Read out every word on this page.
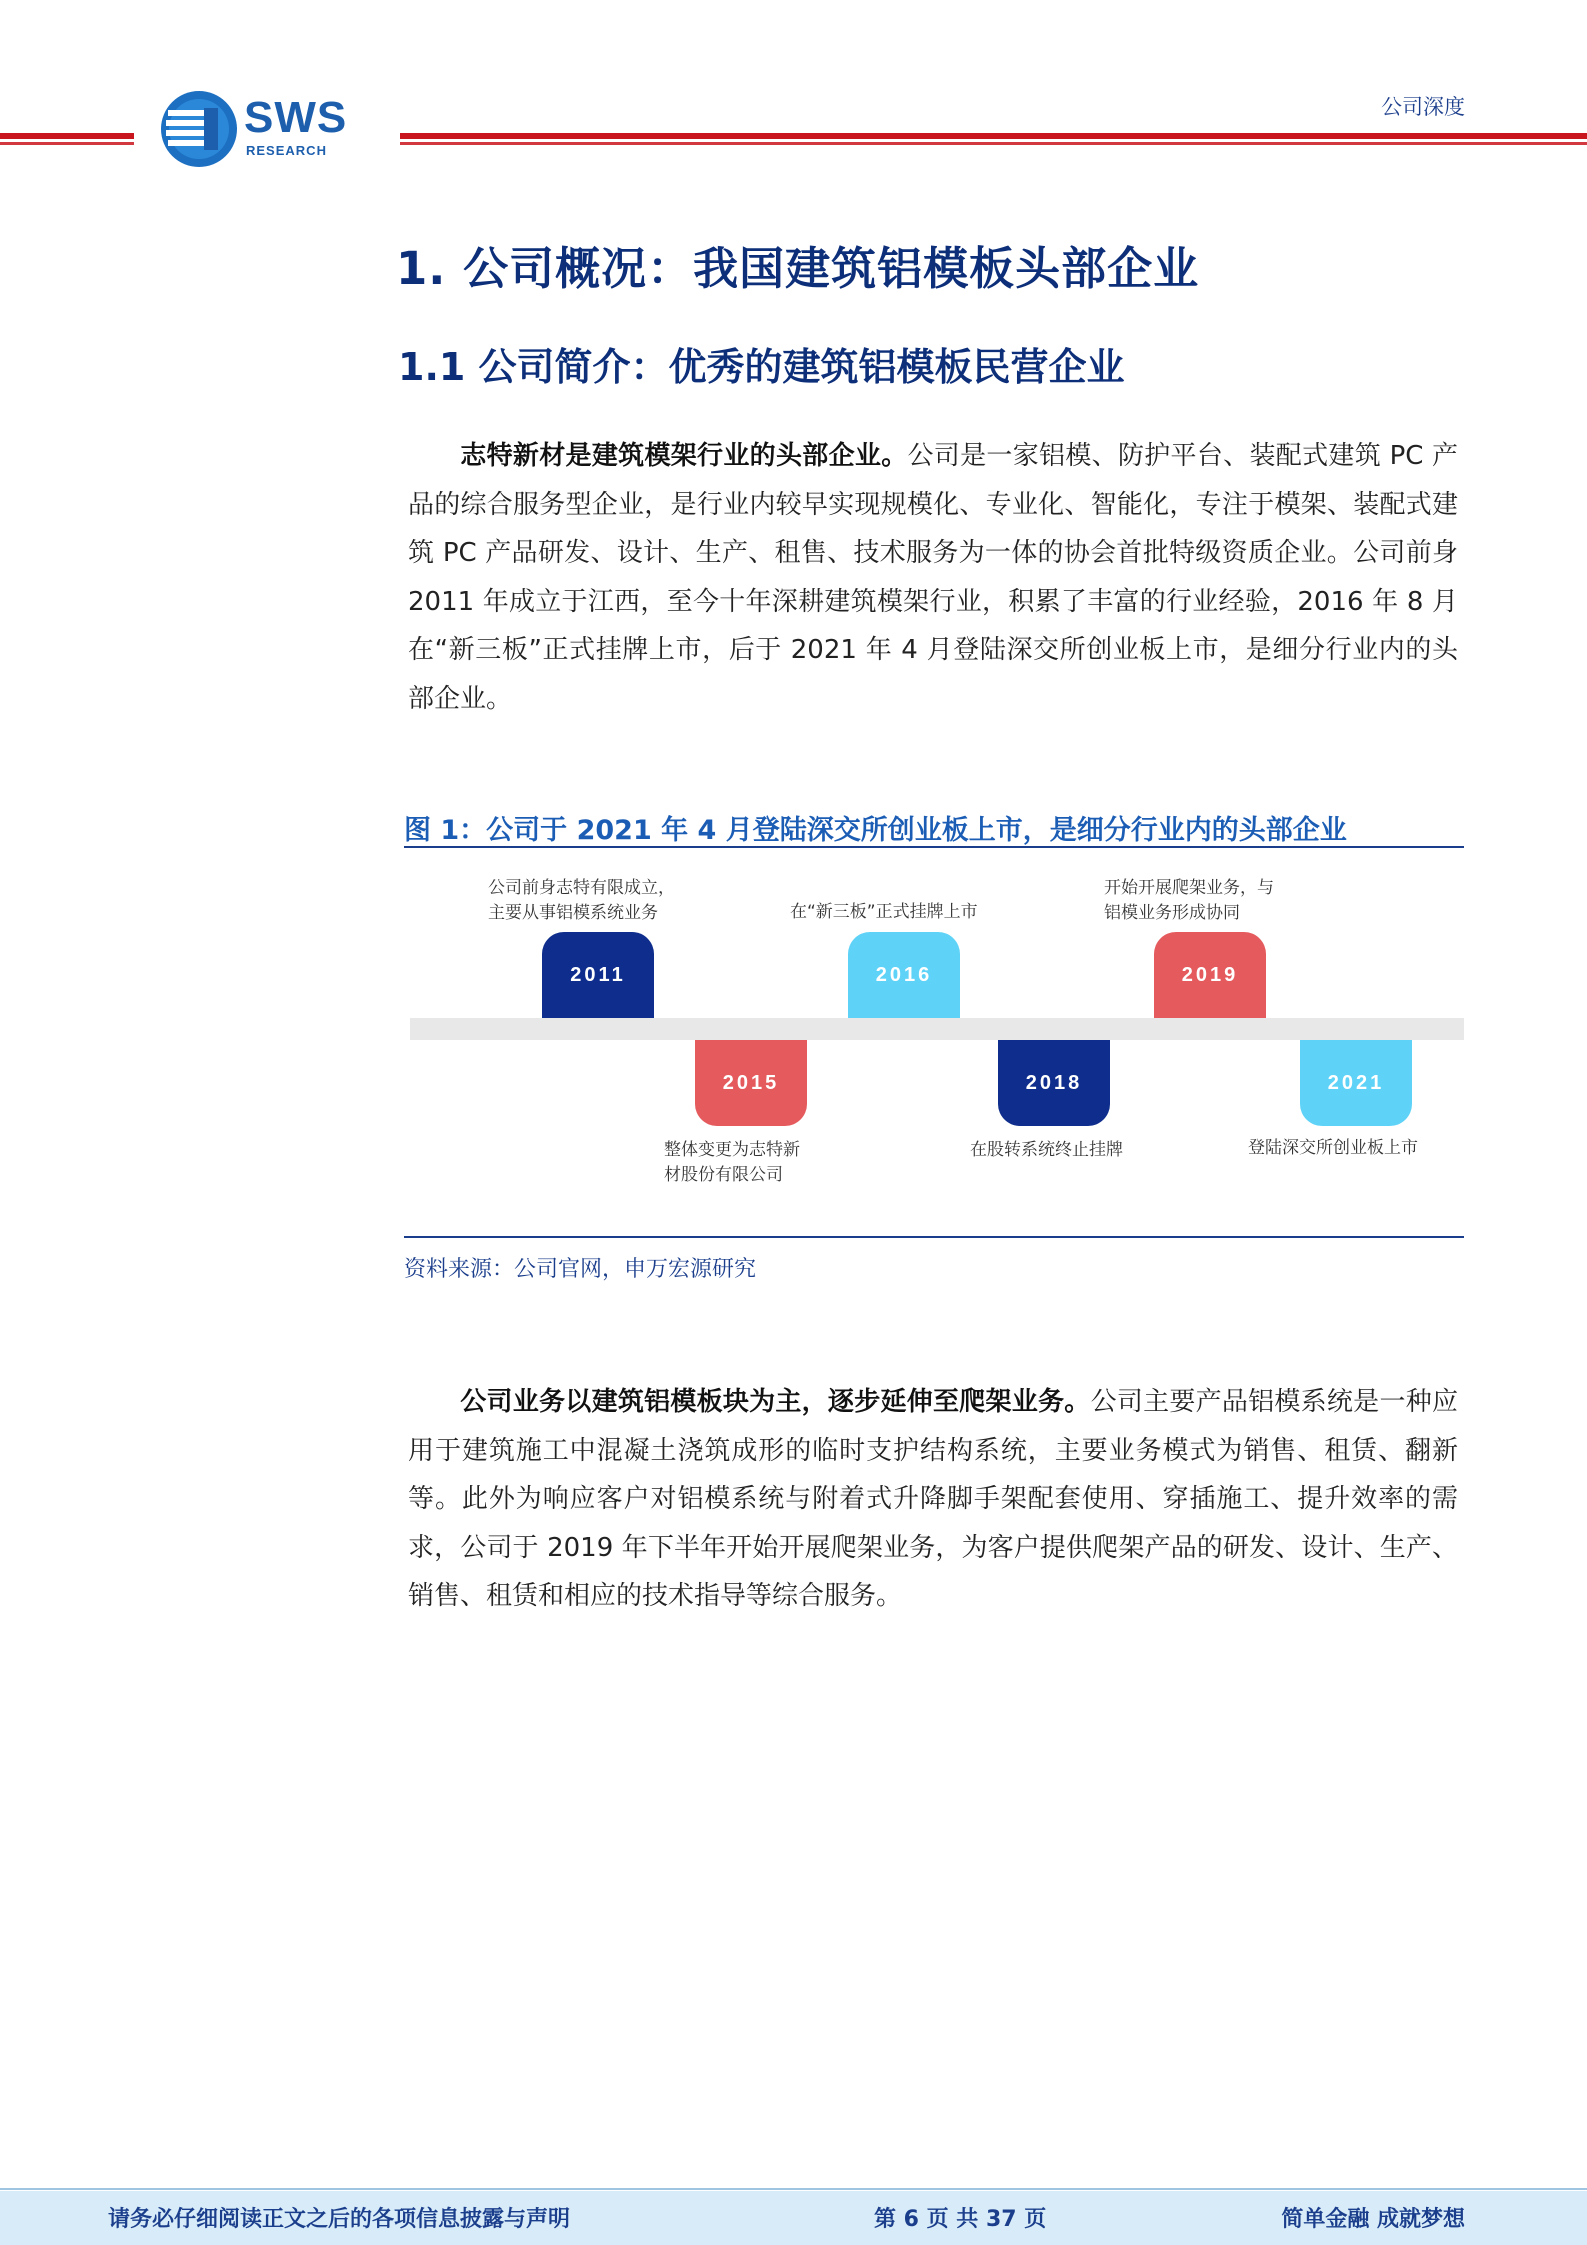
SWS
RESEARCH
公司深度
1. 公司概况：我国建筑铝模板头部企业
1.1 公司简介：优秀的建筑铝模板民营企业
志特新材是建筑模架行业的头部企业。公司是一家铝模、防护平台、装配式建筑 PC 产品的综合服务型企业，是行业内较早实现规模化、专业化、智能化，专注于模架、装配式建筑 PC 产品研发、设计、生产、租售、技术服务为一体的协会首批特级资质企业。公司前身 2011 年成立于江西，至今十年深耕建筑模架行业，积累了丰富的行业经验，2016 年 8 月在“新三板”正式挂牌上市，后于 2021 年 4 月登陆深交所创业板上市，是细分行业内的头部企业。
图 1：公司于 2021 年 4 月登陆深交所创业板上市，是细分行业内的头部企业
2011
公司前身志特有限成立，
主要从事铝模系统业务
2015
整体变更为志特新
材股份有限公司
2016
在“新三板”正式挂牌上市
2018
在股转系统终止挂牌
2019
开始开展爬架业务，与
铝模业务形成协同
2021
登陆深交所创业板上市
资料来源：公司官网，申万宏源研究
公司业务以建筑铝模板块为主，逐步延伸至爬架业务。公司主要产品铝模系统是一种应用于建筑施工中混凝土浇筑成形的临时支护结构系统，主要业务模式为销售、租赁、翻新等。此外为响应客户对铝模系统与附着式升降脚手架配套使用、穿插施工、提升效率的需求，公司于 2019 年下半年开始开展爬架业务，为客户提供爬架产品的研发、设计、生产、销售、租赁和相应的技术指导等综合服务。
请务必仔细阅读正文之后的各项信息披露与声明	第 6 页 共 37 页	简单金融 成就梦想
